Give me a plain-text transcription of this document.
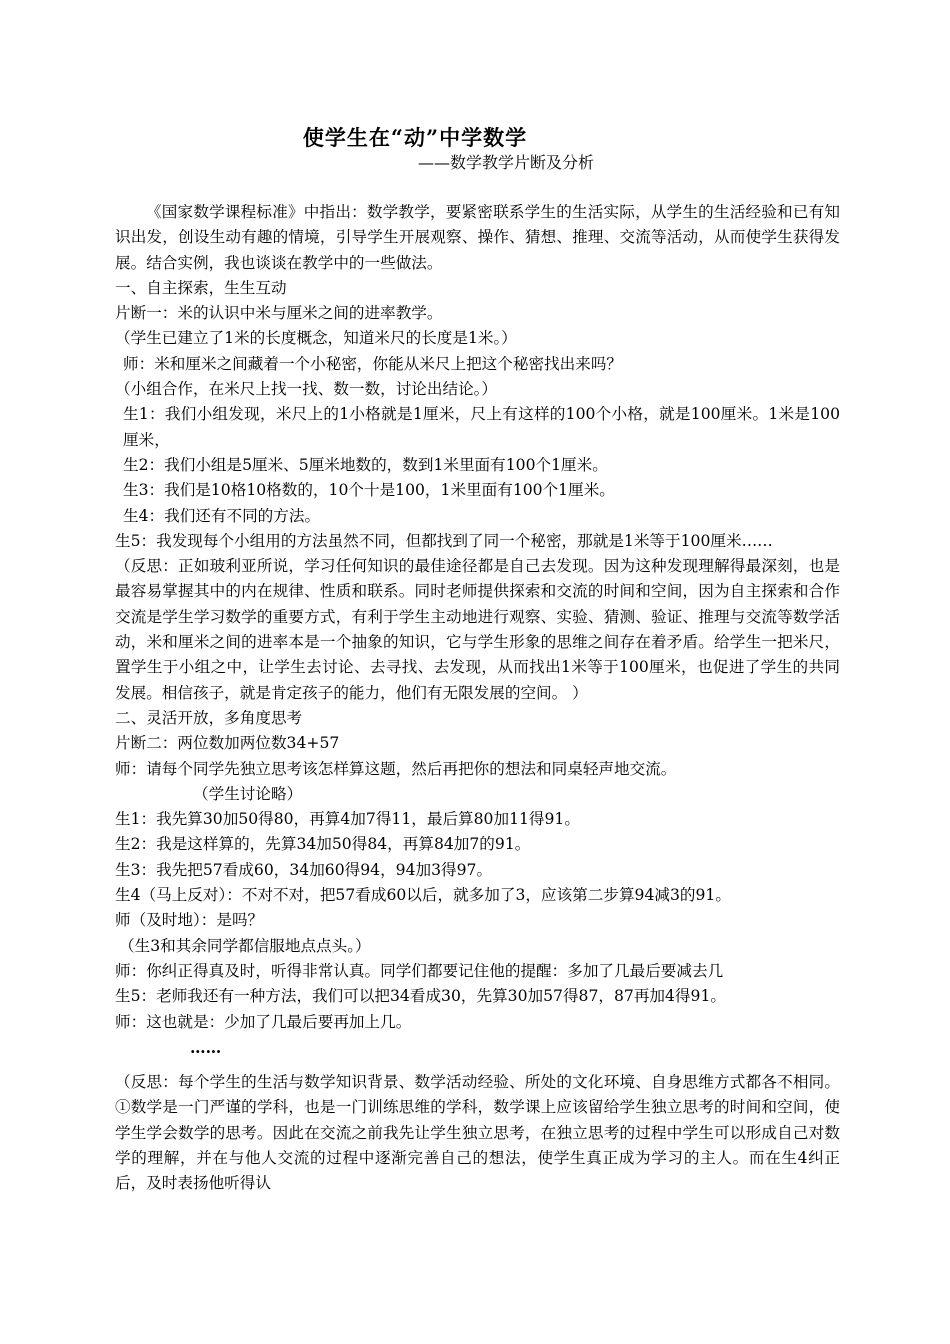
使学生在“动”中学数学
——数学教学片断及分析

《国家数学课程标准》中指出：数学教学，要紧密联系学生的生活实际，从学生的生活经验和已有知识出发，创设生动有趣的情境，引导学生开展观察、操作、猜想、推理、交流等活动，从而使学生获得发展。结合实例，我也谈谈在教学中的一些做法。

一、自主探索，生生互动

片断一：米的认识中米与厘米之间的进率教学。

（学生已建立了1米的长度概念，知道米尺的长度是1米。）

师：米和厘米之间藏着一个小秘密，你能从米尺上把这个秘密找出来吗？

（小组合作，在米尺上找一找、数一数，讨论出结论。）

生1：我们小组发现，米尺上的1小格就是1厘米，尺上有这样的100个小格，就是100厘米。1米是100厘米，

生2：我们小组是5厘米、5厘米地数的，数到1米里面有100个1厘米。

生3：我们是10格10格数的，10个十是100，1米里面有100个1厘米。

生4：我们还有不同的方法。

生5：我发现每个小组用的方法虽然不同，但都找到了同一个秘密，那就是1米等于100厘米……

（反思：正如玻利亚所说，学习任何知识的最佳途径都是自己去发现。因为这种发现理解得最深刻，也是最容易掌握其中的内在规律、性质和联系。同时老师提供探索和交流的时间和空间，因为自主探索和合作交流是学生学习数学的重要方式，有利于学生主动地进行观察、实验、猜测、验证、推理与交流等数学活动，米和厘米之间的进率本是一个抽象的知识，它与学生形象的思维之间存在着矛盾。给学生一把米尺，置学生于小组之中，让学生去讨论、去寻找、去发现，从而找出1米等于100厘米，也促进了学生的共同发展。相信孩子，就是肯定孩子的能力，他们有无限发展的空间。 ）

二、灵活开放，多角度思考

片断二：两位数加两位数34+57

师：请每个同学先独立思考该怎样算这题，然后再把你的想法和同桌轻声地交流。

（学生讨论略）

生1：我先算30加50得80，再算4加7得11，最后算80加11得91。

生2：我是这样算的，先算34加50得84，再算84加7的91。

生3：我先把57看成60，34加60得94，94加3得97。

生4（马上反对）：不对不对，把57看成60以后，就多加了3，应该第二步算94减3的91。

师（及时地）：是吗？

（生3和其余同学都信服地点点头。）

师：你纠正得真及时，听得非常认真。同学们都要记住他的提醒：多加了几最后要减去几

生5：老师我还有一种方法，我们可以把34看成30，先算30加57得87，87再加4得91。

师：这也就是：少加了几最后要再加上几。

……

（反思：每个学生的生活与数学知识背景、数学活动经验、所处的文化环境、自身思维方式都各不相同。①数学是一门严谨的学科，也是一门训练思维的学科，数学课上应该留给学生独立思考的时间和空间，使学生学会数学的思考。因此在交流之前我先让学生独立思考，在独立思考的过程中学生可以形成自己对数学的理解，并在与他人交流的过程中逐渐完善自己的想法，使学生真正成为学习的主人。而在生4纠正后，及时表扬他听得认
